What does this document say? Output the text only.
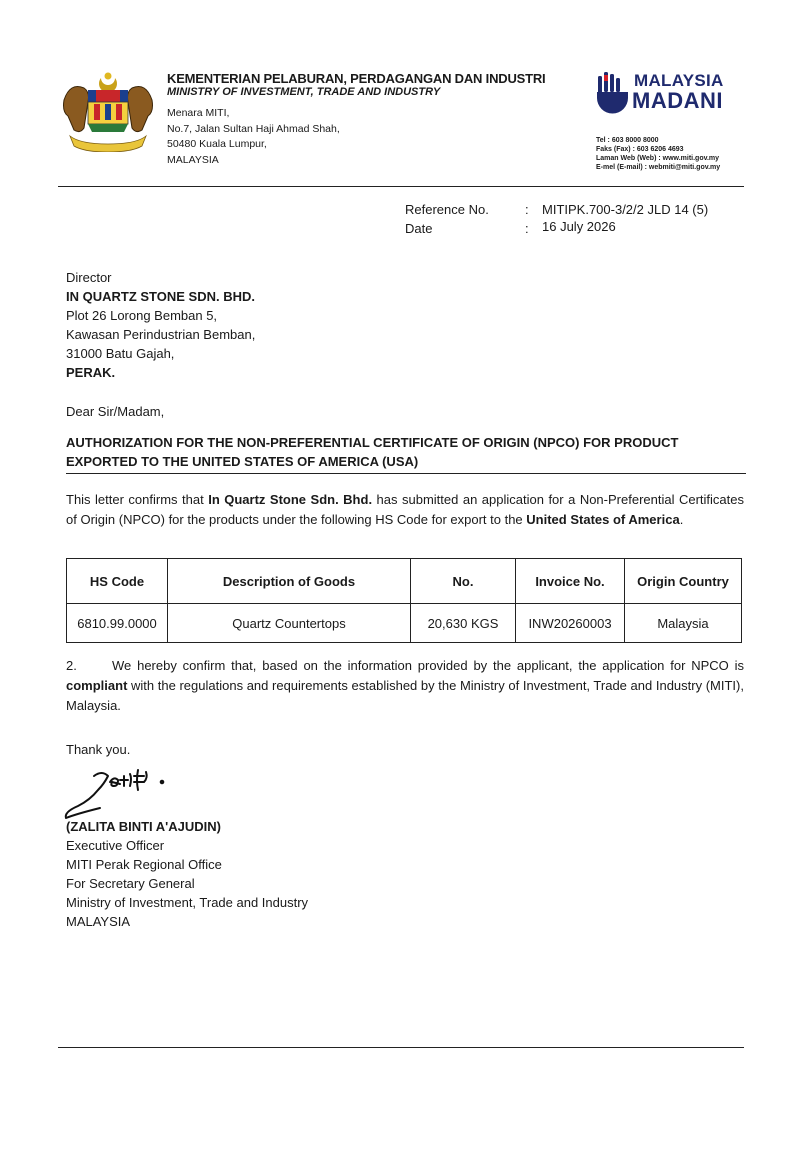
KEMENTERIAN PELABURAN, PERDAGANGAN DAN INDUSTRI
MINISTRY OF INVESTMENT, TRADE AND INDUSTRY
Menara MITI,
No.7, Jalan Sultan Haji Ahmad Shah,
50480 Kuala Lumpur,
MALAYSIA
MALAYSIA
MADANI
Tel : 603 8000 8000
Faks (Fax) : 603 6206 4693
Laman Web (Web) : www.miti.gov.my
E-mel (E-mail) : webmiti@miti.gov.my
Reference No.	: MITIPK.700-3/2/2 JLD 14 (5)
Date	: 16 July 2026
Director
IN QUARTZ STONE SDN. BHD.
Plot 26 Lorong Bemban 5,
Kawasan Perindustrian Bemban,
31000 Batu Gajah,
PERAK.
Dear Sir/Madam,
AUTHORIZATION FOR THE NON-PREFERENTIAL CERTIFICATE OF ORIGIN (NPCO) FOR PRODUCT
EXPORTED TO THE UNITED STATES OF AMERICA (USA)
This letter confirms that In Quartz Stone Sdn. Bhd. has submitted an application for a Non-Preferential Certificates of Origin (NPCO) for the products under the following HS Code for export to the United States of America.
HS Code	Description of Goods	No.	Invoice No.	Origin Country
6810.99.0000	Quartz Countertops	20,630 KGS	INW20260003	Malaysia
2.	We hereby confirm that, based on the information provided by the applicant, the application for NPCO is compliant with the regulations and requirements established by the Ministry of Investment, Trade and Industry (MITI), Malaysia.
Thank you.
(ZALITA BINTI A'AJUDIN)
Executive Officer
MITI Perak Regional Office
For Secretary General
Ministry of Investment, Trade and Industry
MALAYSIA
